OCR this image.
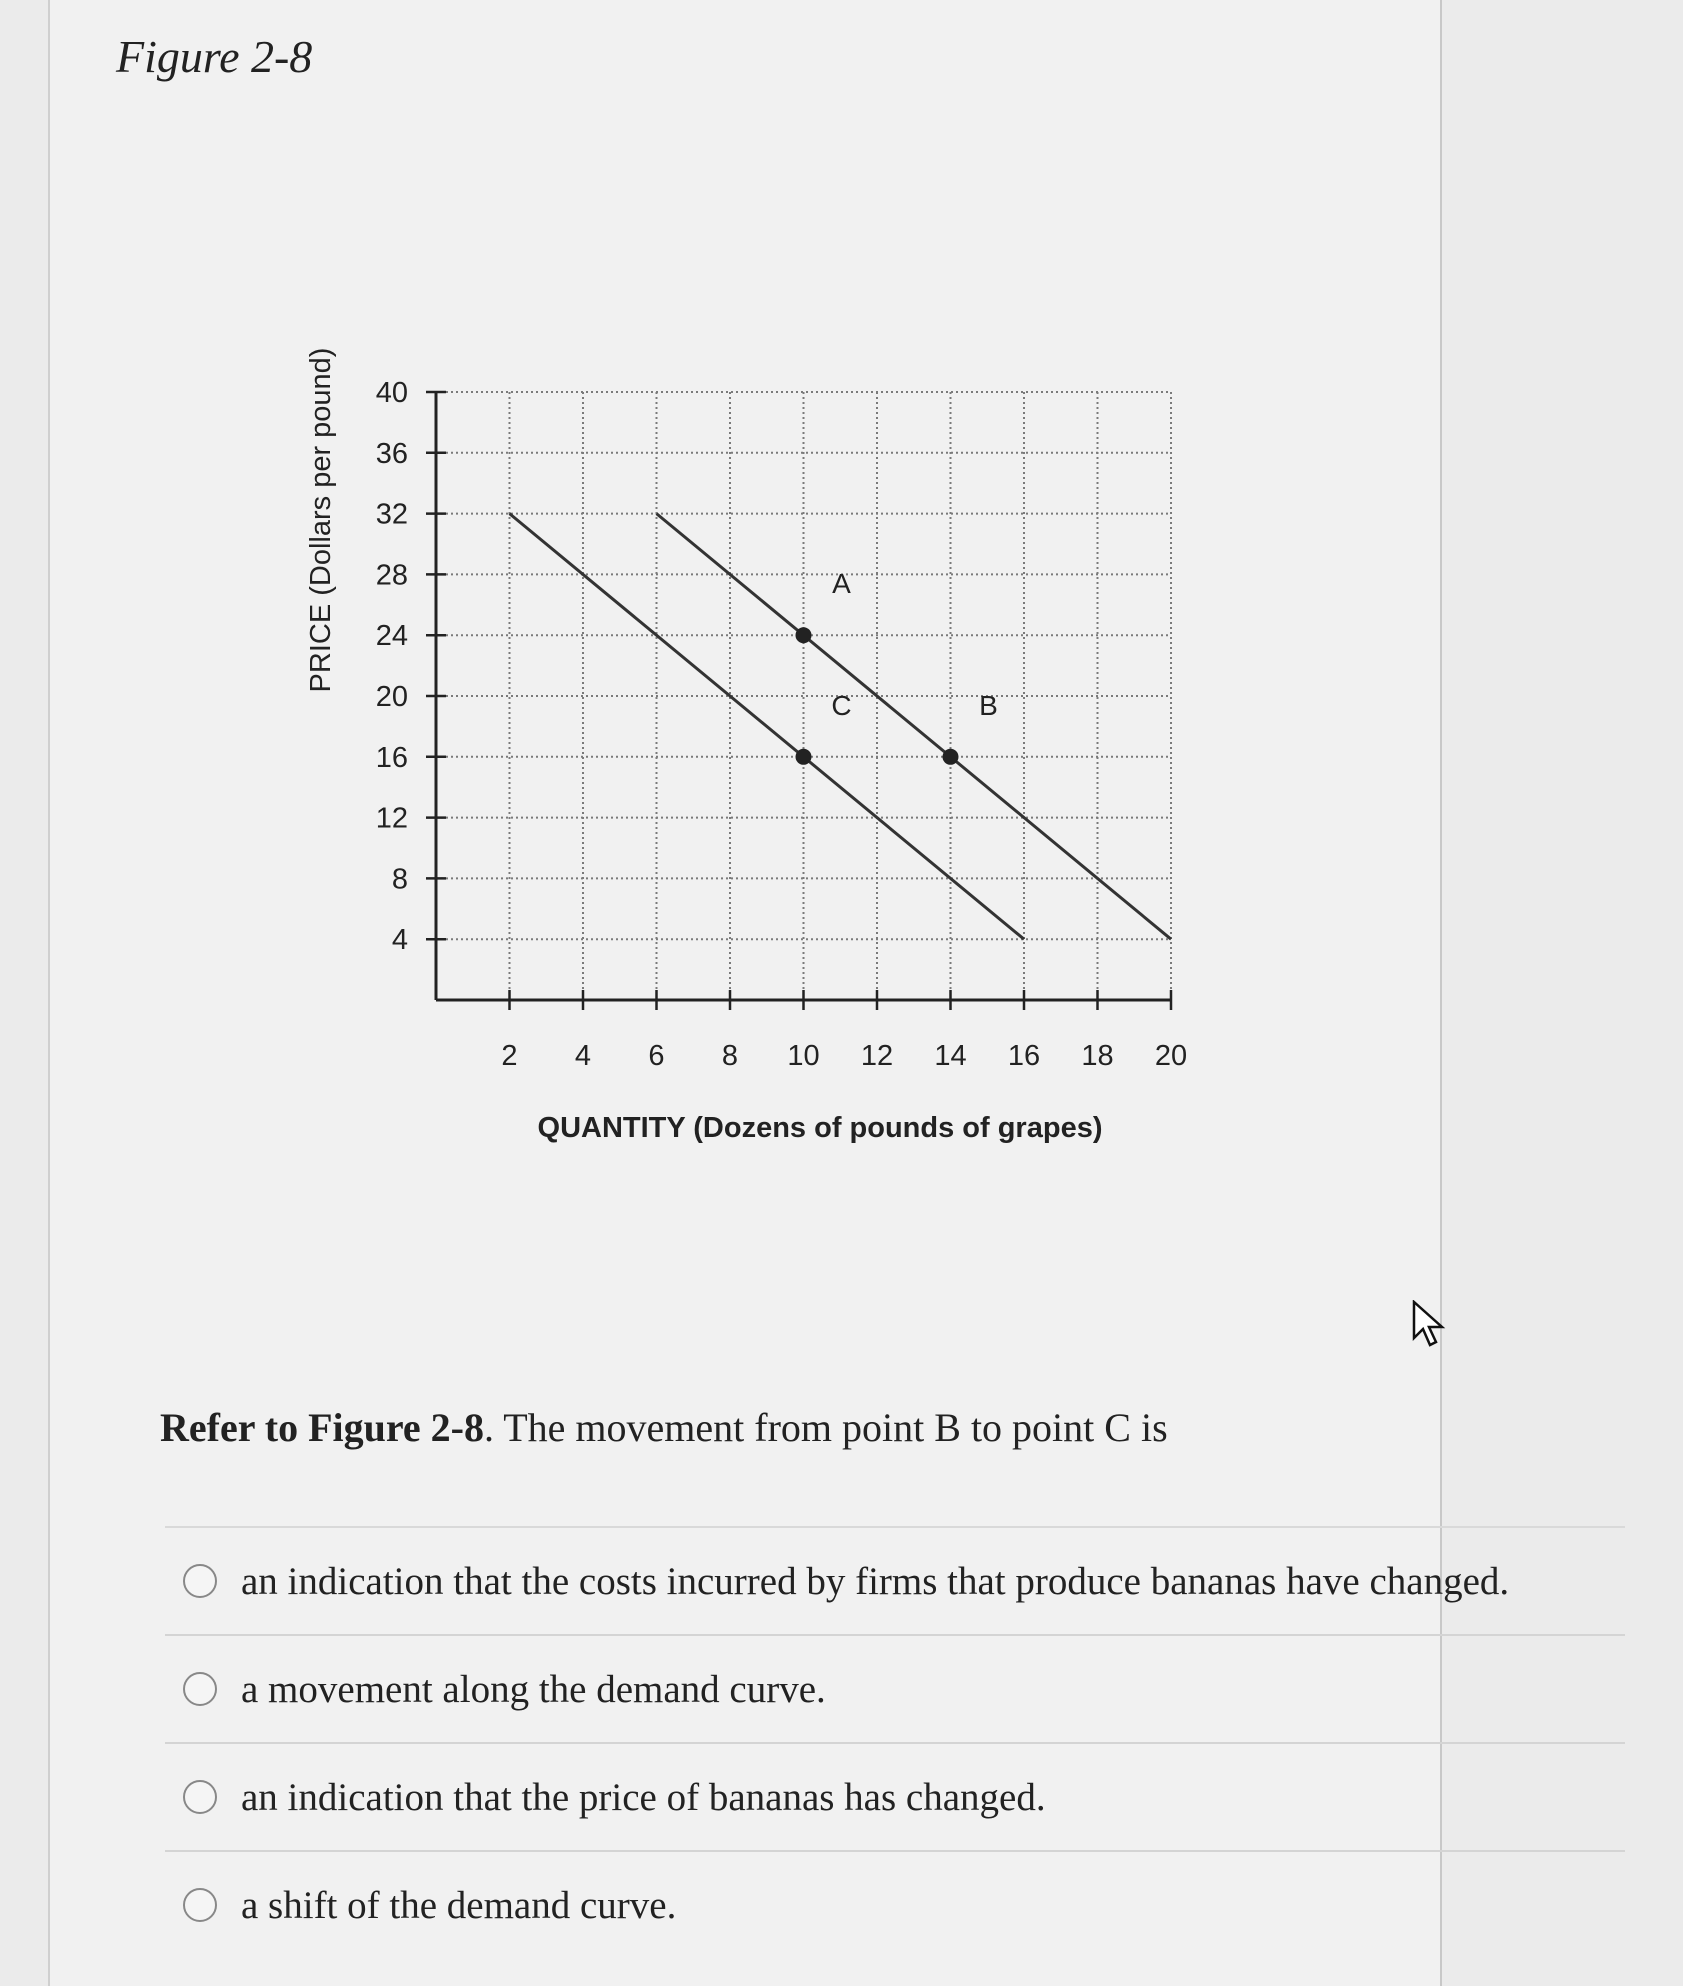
Figure 2-8
4
8
12
16
20
24
28
32
36
40
2 4 6 8 10 12 14 16 18 20
A
C	B
QUANTITY (Dozens of pounds of grapes)
PRICE (Dollars per pound)
Refer to Figure 2-8. The movement from point B to point C is
an indication that the costs incurred by firms that produce bananas have changed.
a movement along the demand curve.
an indication that the price of bananas has changed.
a shift of the demand curve.
